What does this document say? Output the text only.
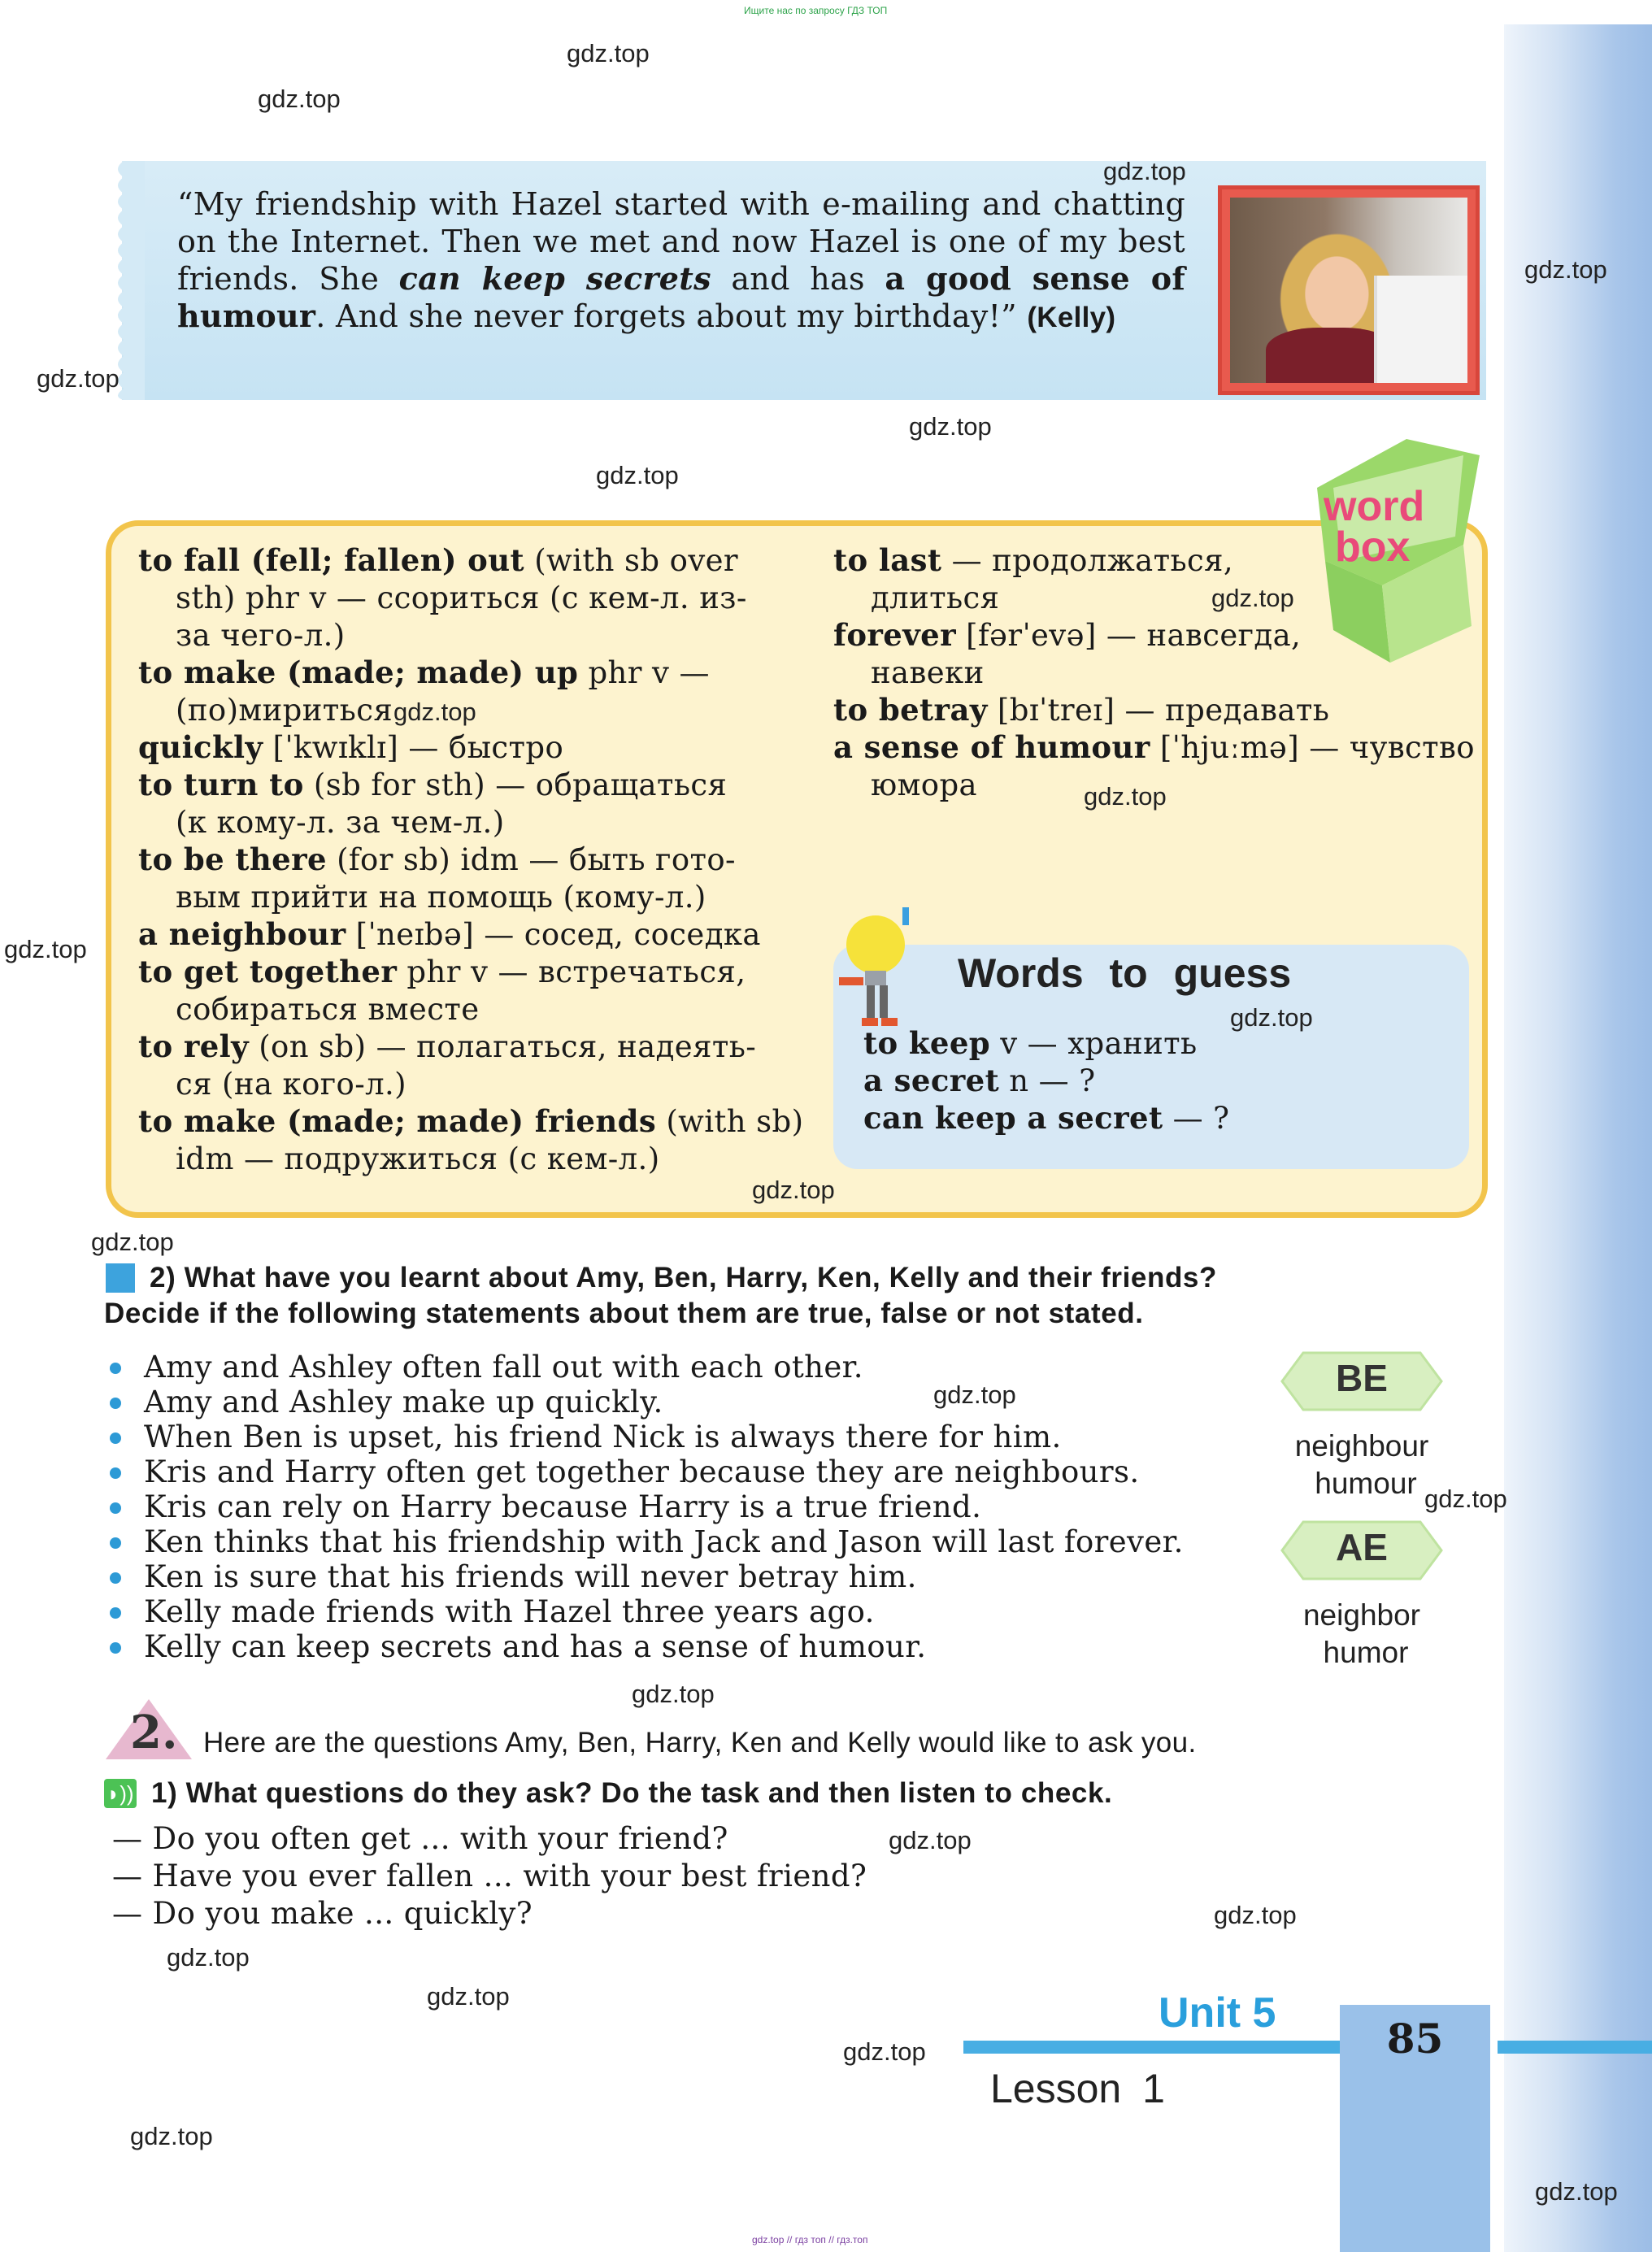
Ищите нас по запросу ГДЗ ТОП
“My friendship with Hazel started with e-mailing and chatting on the Internet. Then we met and now Hazel is one of my best friends. She can keep secrets and has a good sense of humour. And she never forgets about my birthday!” (Kelly)
word
box
to fall (fell; fallen) out (with sb over
sth) phr v — ссориться (с кем-л. из-
за чего-л.)
to make (made; made) up phr v —
(по)мириться
quickly [ˈkwɪklɪ] — быстро
to turn to (sb for sth) — обращаться
(к кому-л. за чем-л.)
to be there (for sb) idm — быть гото-
вым прийти на помощь (кому-л.)
a neighbour [ˈneɪbə] — сосед, соседка
to get together phr v — встречаться,
собираться вместе
to rely (on sb) — полагаться, надеять-
ся (на кого-л.)
to make (made; made) friends (with sb)
idm — подружиться (с кем-л.)
to last — продолжаться,
длиться
forever [fərˈevə] — навсегда,
навеки
to betray [bɪˈtreɪ] — предавать
a sense of humour [ˈhjuːmə] — чувство
юмора
Words to guess
to keep v — хранить
a secret n — ?
can keep a secret — ?
2) What have you learnt about Amy, Ben, Harry, Ken, Kelly and their friends?
Decide if the following statements about them are true, false or not stated.
Amy and Ashley often fall out with each other.
Amy and Ashley make up quickly.
When Ben is upset, his friend Nick is always there for him.
Kris and Harry often get together because they are neighbours.
Kris can rely on Harry because Harry is a true friend.
Ken thinks that his friendship with Jack and Jason will last forever.
Ken is sure that his friends will never betray him.
Kelly made friends with Hazel three years ago.
Kelly can keep secrets and has a sense of humour.
BE
neighbour
humour
AE
neighbor
humor
2. Here are the questions Amy, Ben, Harry, Ken and Kelly would like to ask you.
◗)) 1) What questions do they ask? Do the task and then listen to check.
— Do you often get ... with your friend?
— Have you ever fallen ... with your best friend?
— Do you make ... quickly?
Unit 5
85
Lesson 1
gdz.top // гдз топ // гдз.топ
gdz.top
gdz.top
gdz.top
gdz.top
gdz.top
gdz.top
gdz.top
gdz.top
gdz.top
gdz.top
gdz.top
gdz.top
gdz.top
gdz.top
gdz.top
gdz.top
gdz.top
gdz.top
gdz.top
gdz.top
gdz.top
gdz.top
gdz.top
gdz.top
